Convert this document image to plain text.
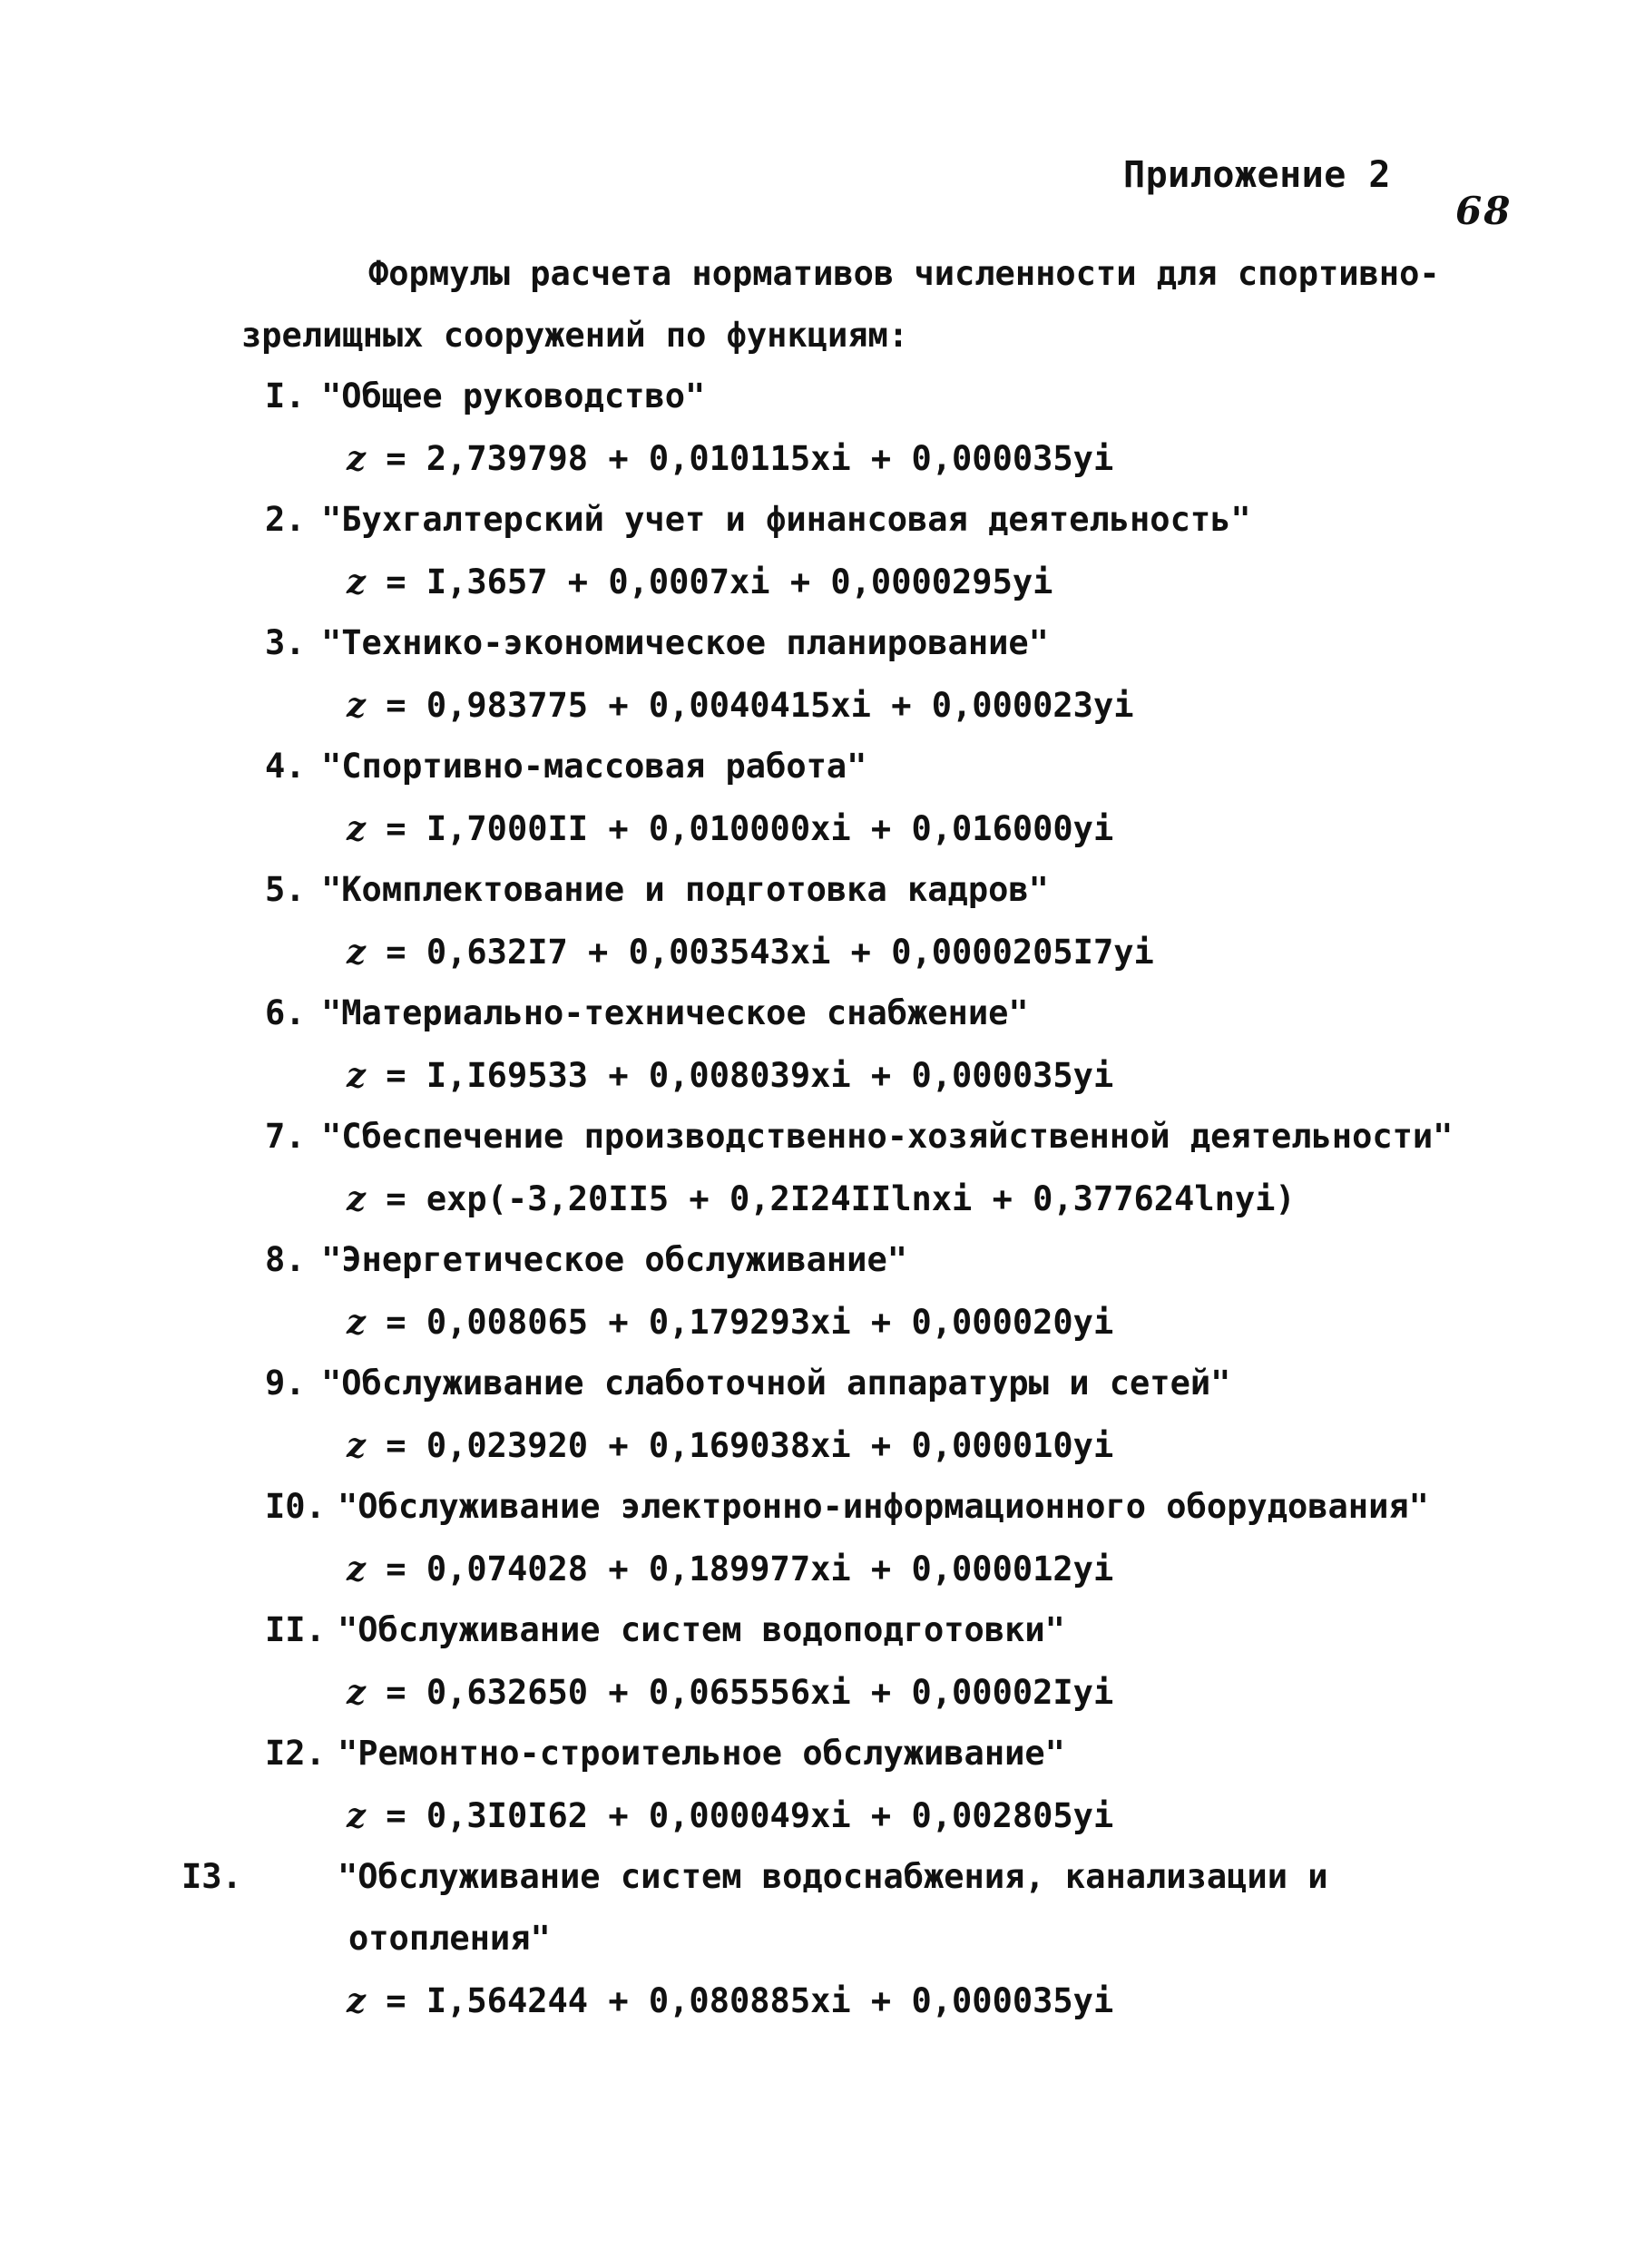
Приложение 2
68

Формулы расчета нормативов численности для спортивно-зрелищных сооружений по функциям:

I. "Общее руководство"
z = 2,739798 + 0,010115xi + 0,000035yi
2. "Бухгалтерский учет и финансовая деятельность"
z = I,3657 + 0,0007xi + 0,0000295yi
3. "Технико-экономическое планирование"
z = 0,983775 + 0,0040415xi + 0,000023yi
4. "Спортивно-массовая работа"
z = I,7000II + 0,010000xi + 0,016000yi
5. "Комплектование и подготовка кадров"
z = 0,632I7 + 0,003543xi + 0,0000205I7yi
6. "Материально-техническое снабжение"
z = I,I69533 + 0,008039xi + 0,000035yi
7. "Сбеспечение производственно-хозяйственной деятельности"
z = exp(-3,20II5 + 0,2I24IIlnxi + 0,377624lnyi)
8. "Энергетическое обслуживание"
z = 0,008065 + 0,179293xi + 0,000020yi
9. "Обслуживание слаботочной аппаратуры и сетей"
z = 0,023920 + 0,169038xi + 0,000010yi
I0. "Обслуживание электронно-информационного оборудования"
z = 0,074028 + 0,189977xi + 0,000012yi
II. "Обслуживание систем водоподготовки"
z = 0,632650 + 0,065556xi + 0,00002Iyi
I2. "Ремонтно-строительное обслуживание"
z = 0,3I0I62 + 0,000049xi + 0,002805yi
I3.	"Обслуживание систем водоснабжения, канализации и отопления"
z = I,564244 + 0,080885xi + 0,000035yi
